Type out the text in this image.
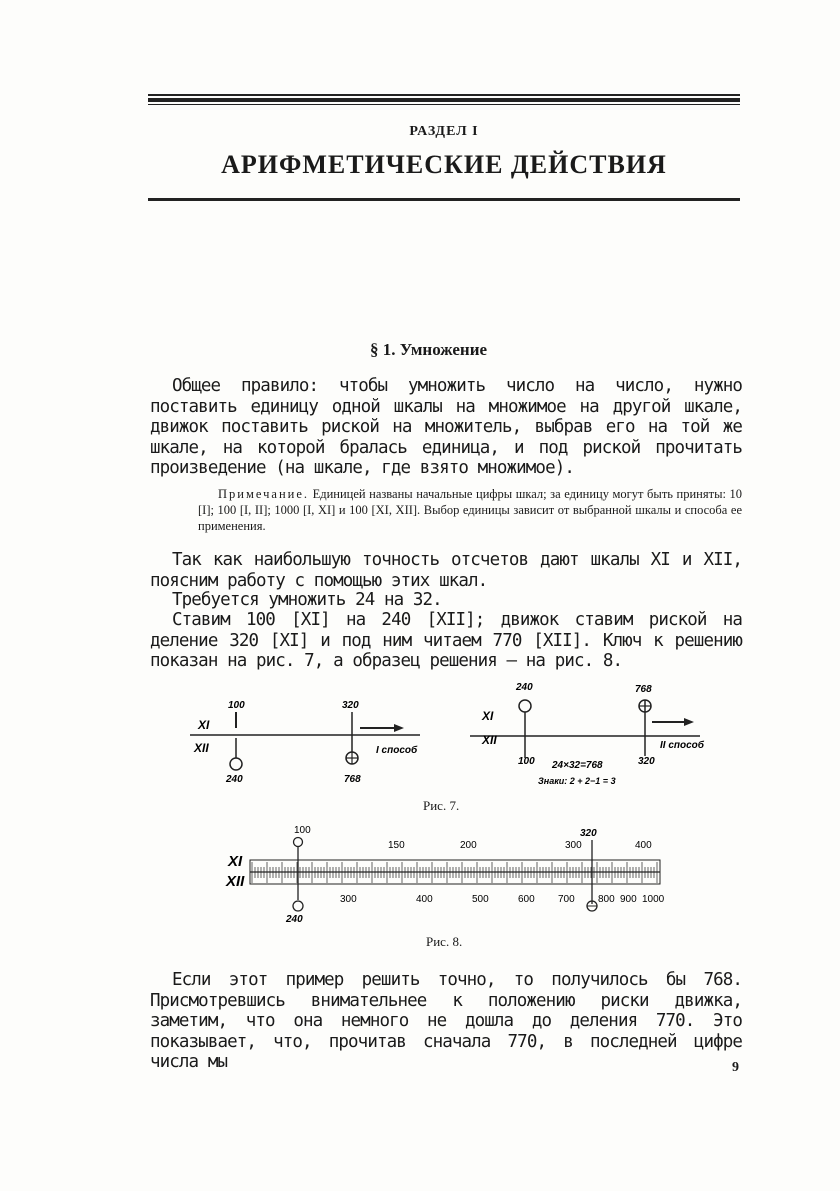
РАЗДЕЛ I
АРИФМЕТИЧЕСКИЕ ДЕЙСТВИЯ
§ 1. Умножение
Общее правило: чтобы умножить число на число, нужно поставить единицу одной шкалы на множимое на другой шкале, движок поставить риской на множитель, выбрав его на той же шкале, на которой бралась единица, и под риской прочитать произведение (на шкале, где взято множимое).
Примечание. Единицей названы начальные цифры шкал; за единицу могут быть приняты: 10 [I]; 100 [I, II]; 1000 [I, XI] и 100 [XI, XII]. Выбор единицы зависит от выбранной шкалы и способа ее применения.
Так как наибольшую точность отсчетов дают шкалы XI и XII, поясним работу с помощью этих шкал.
Требуется умножить 24 на 32.
Ставим 100 [XI] на 240 [XII]; движок ставим риской на деление 320 [XI] и под ним читаем 770 [XII]. Ключ к решению показан на рис. 7, а образец решения — на рис. 8.
XI
XII
100
240
320
768
I способ
XI
XII
240
100
768
320
24×32=768
Знаки: 2 + 2−1 = 3
II способ
Рис. 7.
100
150	200	300	400
320
XI
XII
240
300	400	500	600 700 800 900 1000
Рис. 8.
Если этот пример решить точно, то получилось бы 768. Присмотревшись внимательнее к положению риски движка, заметим, что она немного не дошла до деления 770. Это показывает, что, прочитав сначала 770, в последней цифре числа мы	9
